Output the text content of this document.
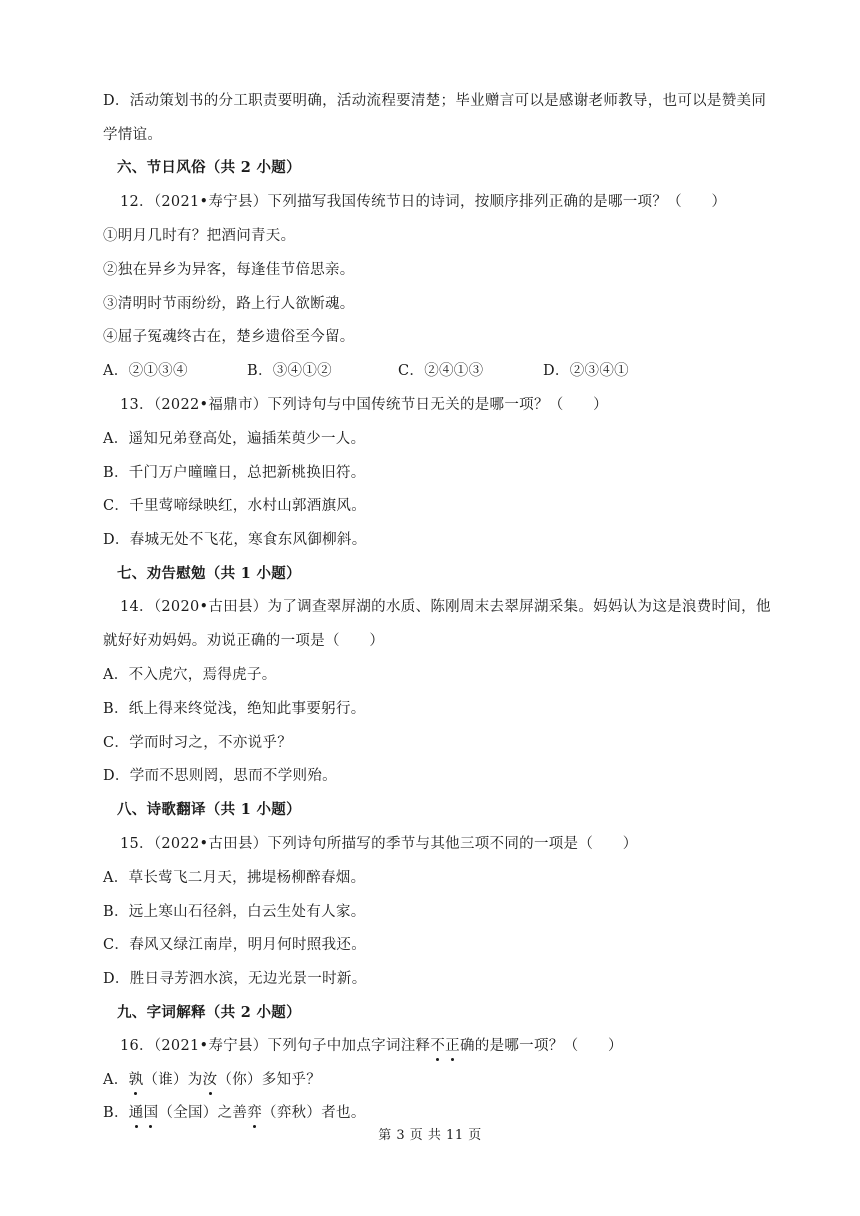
D．活动策划书的分工职责要明确，活动流程要清楚；毕业赠言可以是感谢老师教导，也可以是赞美同
学情谊。
六、节日风俗（共 2 小题）
12．（2021•寿宁县）下列描写我国传统节日的诗词，按顺序排列正确的是哪一项？（　　）
①明月几时有？把酒问青天。
②独在异乡为异客，每逢佳节倍思亲。
③清明时节雨纷纷，路上行人欲断魂。
④屈子冤魂终古在，楚乡遗俗至今留。
A．②①③④	B．③④①②	C．②④①③	D．②③④①
13．（2022•福鼎市）下列诗句与中国传统节日无关的是哪一项？（　　）
A．遥知兄弟登高处，遍插茱萸少一人。
B．千门万户曈曈日，总把新桃换旧符。
C．千里莺啼绿映红，水村山郭酒旗风。
D．春城无处不飞花，寒食东风御柳斜。
七、劝告慰勉（共 1 小题）
14．（2020•古田县）为了调查翠屏湖的水质、陈刚周末去翠屏湖采集。妈妈认为这是浪费时间，他
就好好劝妈妈。劝说正确的一项是（　　）
A．不入虎穴，焉得虎子。
B．纸上得来终觉浅，绝知此事要躬行。
C．学而时习之，不亦说乎？
D．学而不思则罔，思而不学则殆。
八、诗歌翻译（共 1 小题）
15．（2022•古田县）下列诗句所描写的季节与其他三项不同的一项是（　　）
A．草长莺飞二月天，拂堤杨柳醉春烟。
B．远上寒山石径斜，白云生处有人家。
C．春风又绿江南岸，明月何时照我还。
D．胜日寻芳泗水滨，无边光景一时新。
九、字词解释（共 2 小题）
16．（2021•寿宁县）下列句子中加点字词注释不正确的是哪一项？（　　）
A．孰（谁）为汝（你）多知乎？
B．通国（全国）之善弈（弈秋）者也。
第 3 页 共 11 页
